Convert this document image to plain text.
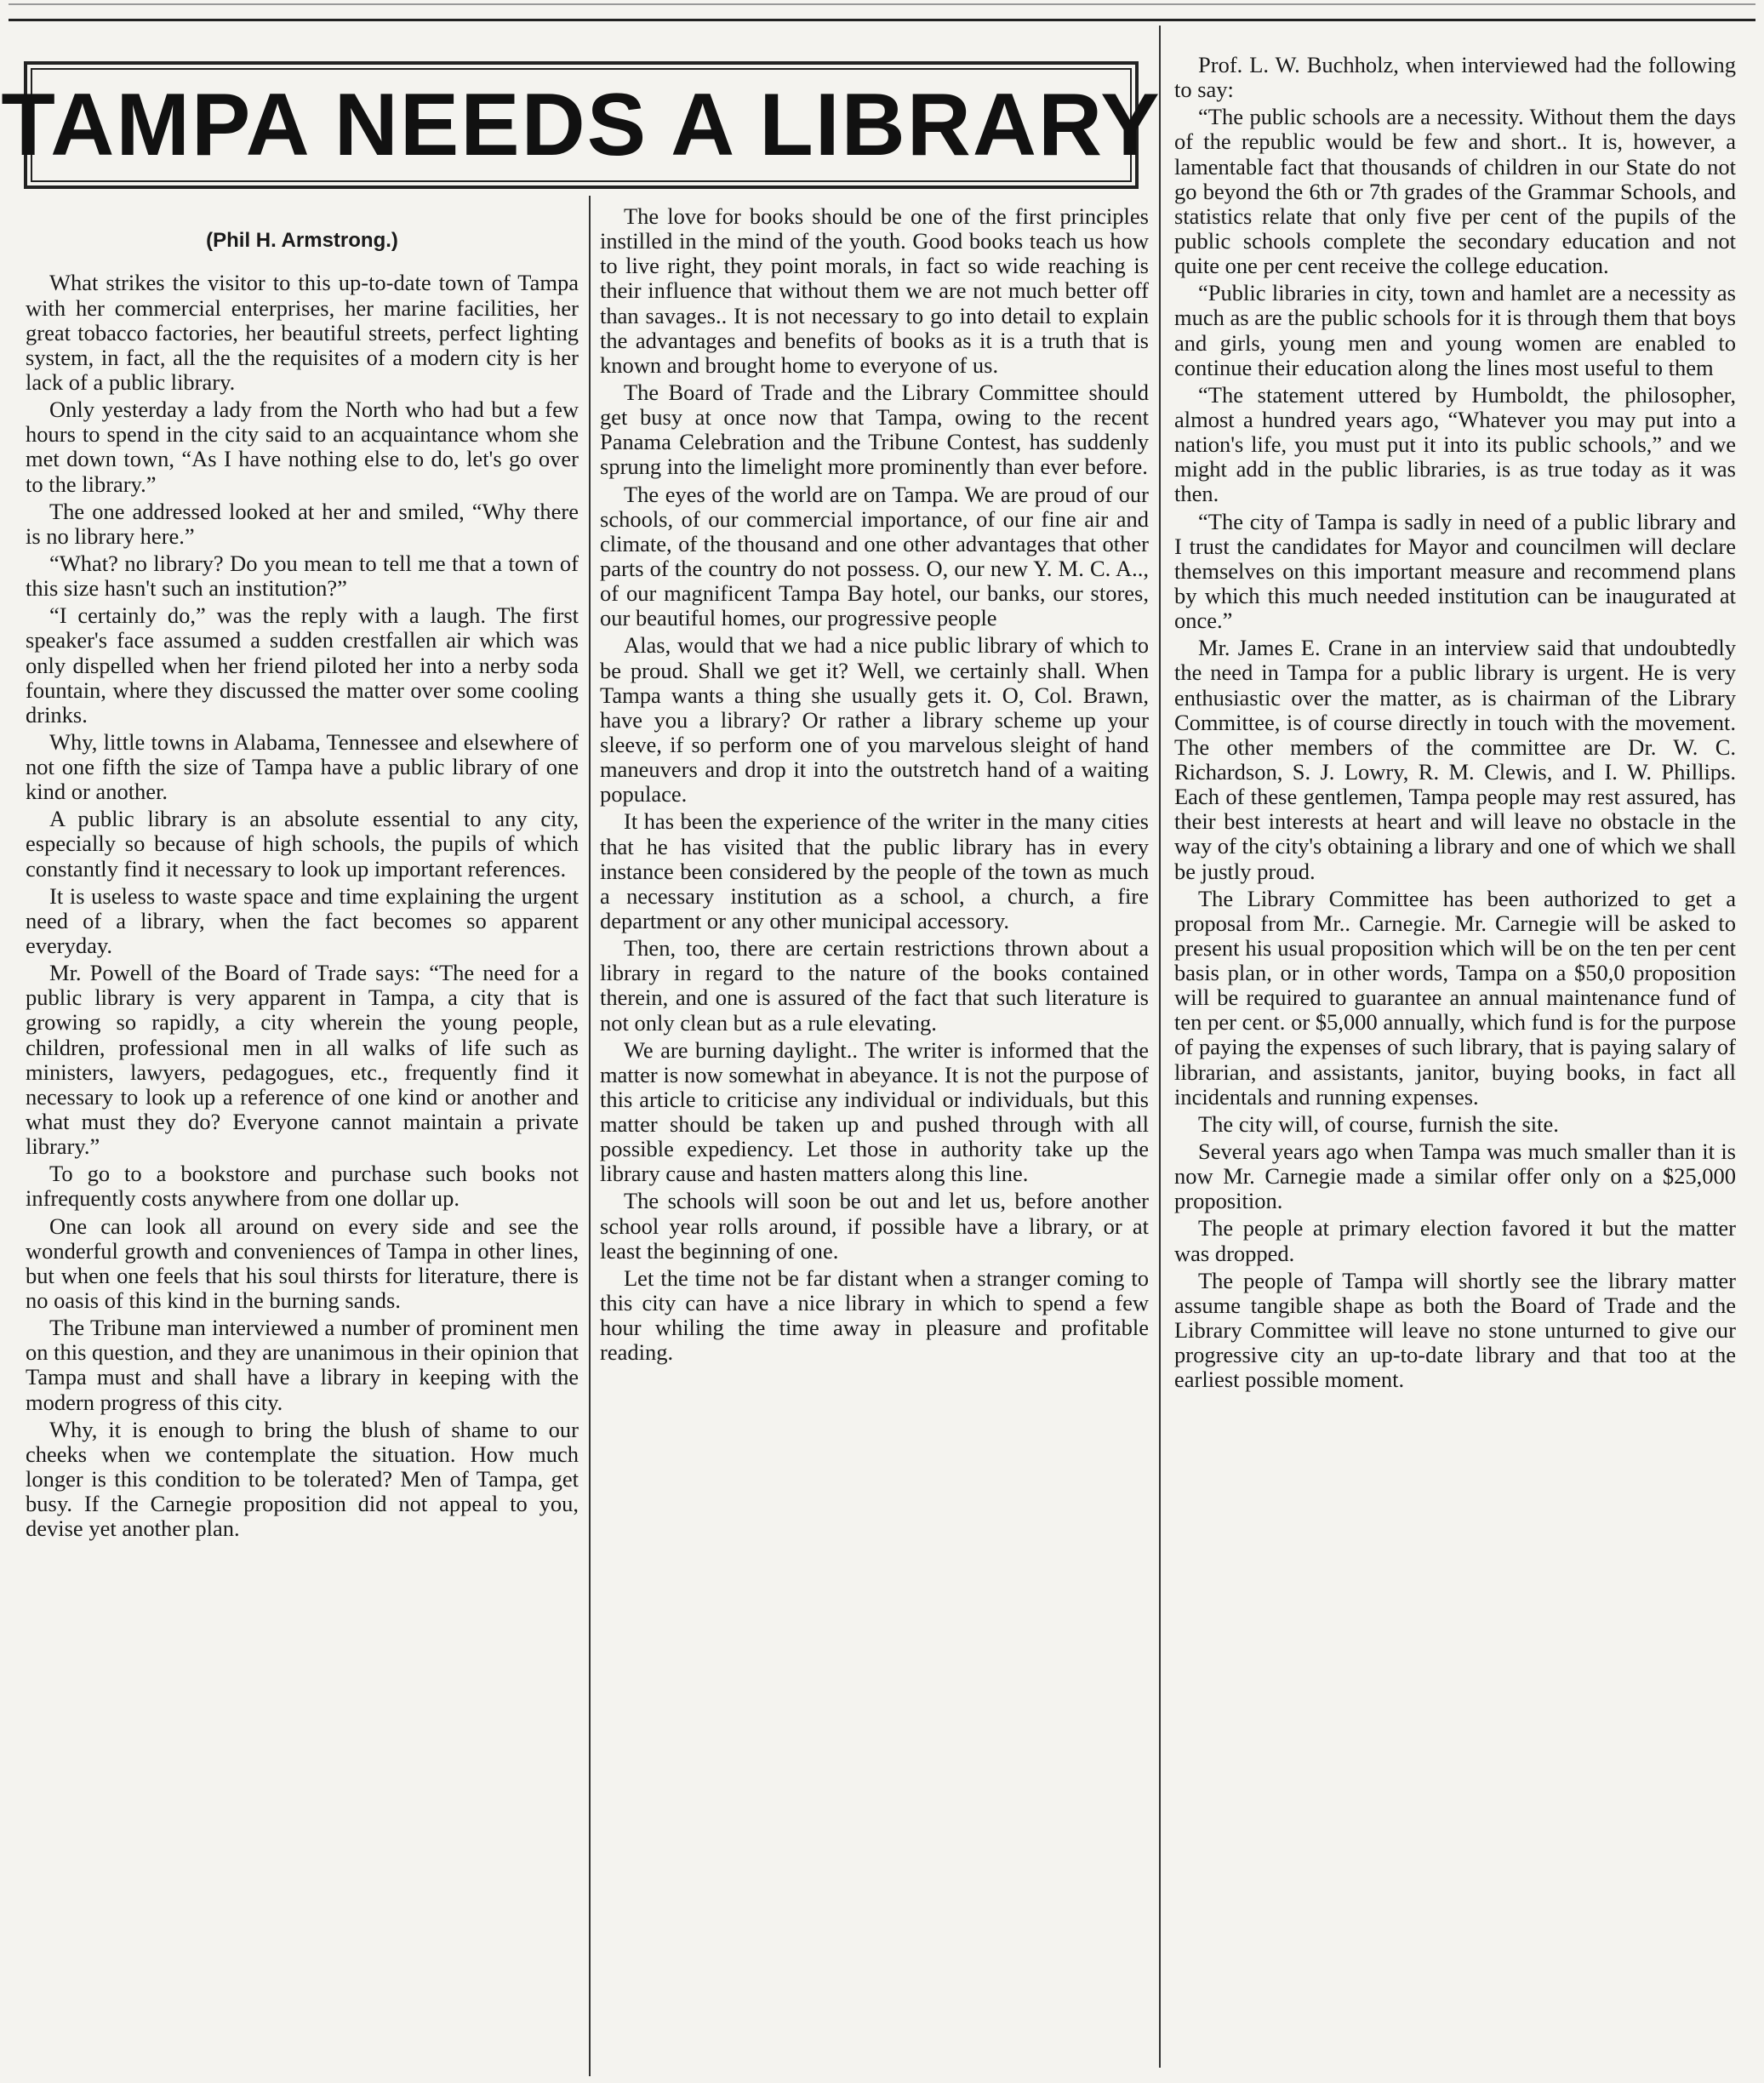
TAMPA NEEDS A LIBRARY

(Phil H. Armstrong.)

What strikes the visitor to this up-to-date town of Tampa with her commercial enterprises, her marine facilities, her great tobacco factories, her beautiful streets, perfect lighting system, in fact, all the the requisites of a modern city is her lack of a public library.

Only yesterday a lady from the North who had but a few hours to spend in the city said to an acquaintance whom she met down town, “As I have nothing else to do, let's go over to the library.”

The one addressed looked at her and smiled, “Why there is no library here.”

“What? no library? Do you mean to tell me that a town of this size hasn't such an institution?”

“I certainly do,” was the reply with a laugh. The first speaker's face assumed a sudden crestfallen air which was only dispelled when her friend piloted her into a nerby soda fountain, where they discussed the matter over some cooling drinks.

Why, little towns in Alabama, Tennessee and elsewhere of not one fifth the size of Tampa have a public library of one kind or another.

A public library is an absolute essential to any city, especially so because of high schools, the pupils of which constantly find it necessary to look up important references.

It is useless to waste space and time explaining the urgent need of a library, when the fact becomes so apparent everyday.

Mr. Powell of the Board of Trade says: “The need for a public library is very apparent in Tampa, a city that is growing so rapidly, a city wherein the young people, children, professional men in all walks of life such as ministers, lawyers, pedagogues, etc., frequently find it necessary to look up a reference of one kind or another and what must they do? Everyone cannot maintain a private library.”

To go to a bookstore and purchase such books not infrequently costs anywhere from one dollar up.

One can look all around on every side and see the wonderful growth and conveniences of Tampa in other lines, but when one feels that his soul thirsts for literature, there is no oasis of this kind in the burning sands.

The Tribune man interviewed a number of prominent men on this question, and they are unanimous in their opinion that Tampa must and shall have a library in keeping with the modern progress of this city.

Why, it is enough to bring the blush of shame to our cheeks when we contemplate the situation. How much longer is this condition to be tolerated? Men of Tampa, get busy. If the Carnegie proposition did not appeal to you, devise yet another plan.

The love for books should be one of the first principles instilled in the mind of the youth. Good books teach us how to live right, they point morals, in fact so wide reaching is their influence that without them we are not much better off than savages.. It is not necessary to go into detail to explain the advantages and benefits of books as it is a truth that is known and brought home to everyone of us.

The Board of Trade and the Library Committee should get busy at once now that Tampa, owing to the recent Panama Celebration and the Tribune Contest, has suddenly sprung into the limelight more prominently than ever before.

The eyes of the world are on Tampa. We are proud of our schools, of our commercial importance, of our fine air and climate, of the thousand and one other advantages that other parts of the country do not possess. O, our new Y. M. C. A.., of our magnificent Tampa Bay hotel, our banks, our stores, our beautiful homes, our progressive people

Alas, would that we had a nice public library of which to be proud. Shall we get it? Well, we certainly shall. When Tampa wants a thing she usually gets it. O, Col. Brawn, have you a library? Or rather a library scheme up your sleeve, if so perform one of you marvelous sleight of hand maneuvers and drop it into the outstretch hand of a waiting populace.

It has been the experience of the writer in the many cities that he has visited that the public library has in every instance been considered by the people of the town as much a necessary institution as a school, a church, a fire department or any other municipal accessory.

Then, too, there are certain restrictions thrown about a library in regard to the nature of the books contained therein, and one is assured of the fact that such literature is not only clean but as a rule elevating.

We are burning daylight.. The writer is informed that the matter is now somewhat in abeyance. It is not the purpose of this article to criticise any individual or individuals, but this matter should be taken up and pushed through with all possible expediency. Let those in authority take up the library cause and hasten matters along this line.

The schools will soon be out and let us, before another school year rolls around, if possible have a library, or at least the beginning of one.

Let the time not be far distant when a stranger coming to this city can have a nice library in which to spend a few hour whiling the time away in pleasure and profitable reading.

Prof. L. W. Buchholz, when interviewed had the following to say:

“The public schools are a necessity. Without them the days of the republic would be few and short.. It is, however, a lamentable fact that thousands of children in our State do not go beyond the 6th or 7th grades of the Grammar Schools, and statistics relate that only five per cent of the pupils of the public schools complete the secondary education and not quite one per cent receive the college education.

“Public libraries in city, town and hamlet are a necessity as much as are the public schools for it is through them that boys and girls, young men and young women are enabled to continue their education along the lines most useful to them

“The statement uttered by Humboldt, the philosopher, almost a hundred years ago, “Whatever you may put into a nation's life, you must put it into its public schools,” and we might add in the public libraries, is as true today as it was then.

“The city of Tampa is sadly in need of a public library and I trust the candidates for Mayor and councilmen will declare themselves on this important measure and recommend plans by which this much needed institution can be inaugurated at once.”

Mr. James E. Crane in an interview said that undoubtedly the need in Tampa for a public library is urgent. He is very enthusiastic over the matter, as is chairman of the Library Committee, is of course directly in touch with the movement. The other members of the committee are Dr. W. C. Richardson, S. J. Lowry, R. M. Clewis, and I. W. Phillips. Each of these gentlemen, Tampa people may rest assured, has their best interests at heart and will leave no obstacle in the way of the city's obtaining a library and one of which we shall be justly proud.

The Library Committee has been authorized to get a proposal from Mr.. Carnegie. Mr. Carnegie will be asked to present his usual proposition which will be on the ten per cent basis plan, or in other words, Tampa on a $50,0 proposition will be required to guarantee an annual maintenance fund of ten per cent. or $5,000 annually, which fund is for the purpose of paying the expenses of such library, that is paying salary of librarian, and assistants, janitor, buying books, in fact all incidentals and running expenses.

The city will, of course, furnish the site.

Several years ago when Tampa was much smaller than it is now Mr. Carnegie made a similar offer only on a $25,000 proposition.

The people at primary election favored it but the matter was dropped.

The people of Tampa will shortly see the library matter assume tangible shape as both the Board of Trade and the Library Committee will leave no stone unturned to give our progressive city an up-to-date library and that too at the earliest possible moment.
